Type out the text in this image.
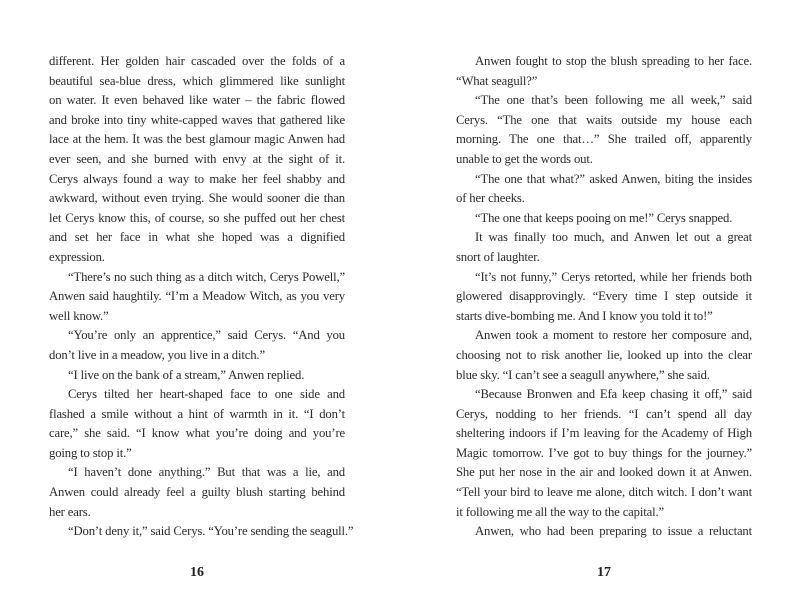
different. Her golden hair cascaded over the folds of a
beautiful sea-blue dress, which glimmered like sunlight
on water. It even behaved like water – the fabric flowed
and broke into tiny white-capped waves that gathered like
lace at the hem. It was the best glamour magic Anwen had
ever seen, and she burned with envy at the sight of it.
Cerys always found a way to make her feel shabby and
awkward, without even trying. She would sooner die than
let Cerys know this, of course, so she puffed out her chest
and set her face in what she hoped was a dignified
expression.
“There’s no such thing as a ditch witch, Cerys Powell,”
Anwen said haughtily. “I’m a Meadow Witch, as you very
well know.”
“You’re only an apprentice,” said Cerys. “And you
don’t live in a meadow, you live in a ditch.”
“I live on the bank of a stream,” Anwen replied.
Cerys tilted her heart-shaped face to one side and
flashed a smile without a hint of warmth in it. “I don’t
care,” she said. “I know what you’re doing and you’re
going to stop it.”
“I haven’t done anything.” But that was a lie, and
Anwen could already feel a guilty blush starting behind
her ears.
“Don’t deny it,” said Cerys. “You’re sending the seagull.”
16
Anwen fought to stop the blush spreading to her face.
“What seagull?”
“The one that’s been following me all week,” said
Cerys. “The one that waits outside my house each
morning. The one that…” She trailed off, apparently
unable to get the words out.
“The one that what?” asked Anwen, biting the insides
of her cheeks.
“The one that keeps pooing on me!” Cerys snapped.
It was finally too much, and Anwen let out a great
snort of laughter.
“It’s not funny,” Cerys retorted, while her friends both
glowered disapprovingly. “Every time I step outside it
starts dive-bombing me. And I know you told it to!”
Anwen took a moment to restore her composure and,
choosing not to risk another lie, looked up into the clear
blue sky. “I can’t see a seagull anywhere,” she said.
“Because Bronwen and Efa keep chasing it off,” said
Cerys, nodding to her friends. “I can’t spend all day
sheltering indoors if I’m leaving for the Academy of High
Magic tomorrow. I’ve got to buy things for the journey.”
She put her nose in the air and looked down it at Anwen.
“Tell your bird to leave me alone, ditch witch. I don’t want
it following me all the way to the capital.”
Anwen, who had been preparing to issue a reluctant
17
